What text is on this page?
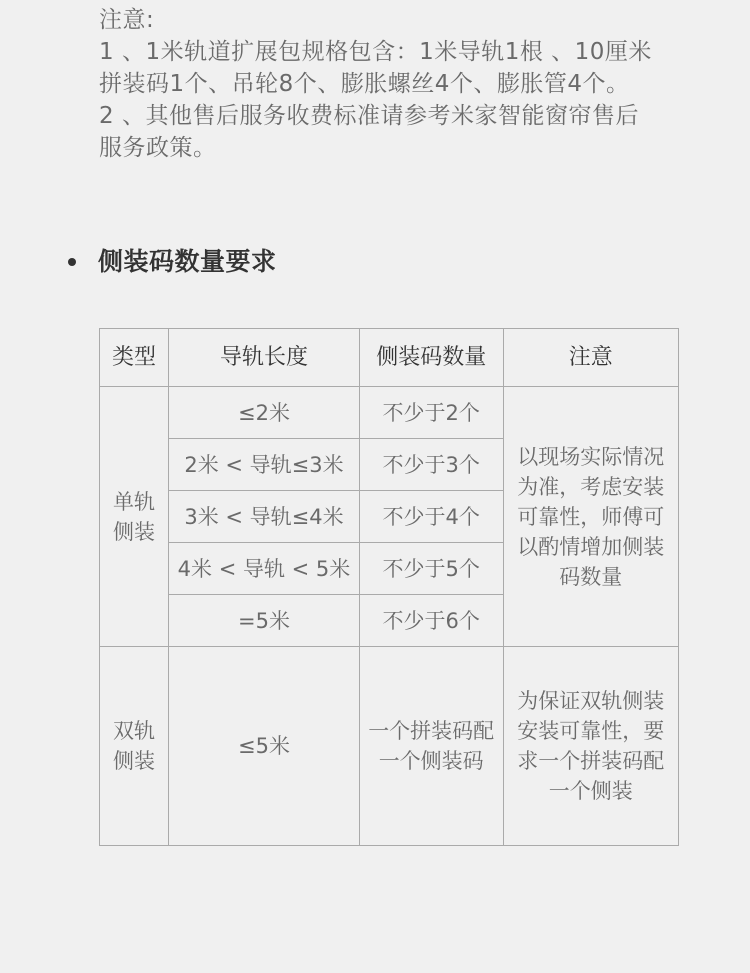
注意:
1 、1米轨道扩展包规格包含：1米导轨1根 、10厘米
拼装码1个、吊轮8个、膨胀螺丝4个、膨胀管4个。
2 、其他售后服务收费标准请参考米家智能窗帘售后
服务政策。
侧装码数量要求
类型	导轨长度	侧装码数量	注意

单轨
侧装	≤2米	不少于2个	以现场实际情况为准，考虑安装可靠性，师傅可以酌情增加侧装码数量
	2米 < 导轨≤3米	不少于3个	
	3米 < 导轨≤4米	不少于4个	
	4米 < 导轨 < 5米	不少于5个	
	=5米	不少于6个	

双轨
侧装	≤5米	一个拼装码配一个侧装码	为保证双轨侧装安装可靠性，要求一个拼装码配一个侧装
